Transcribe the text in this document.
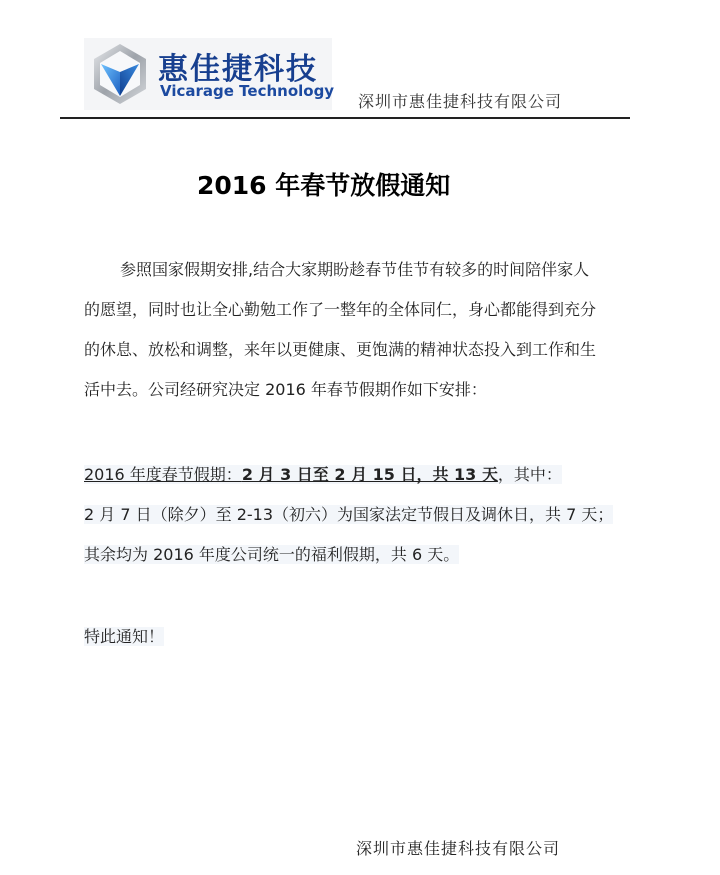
惠佳捷科技
Vicarage Technology
深圳市惠佳捷科技有限公司
2016 年春节放假通知
参照国家假期安排,结合大家期盼趁春节佳节有较多的时间陪伴家人
的愿望，同时也让全心勤勉工作了一整年的全体同仁，身心都能得到充分
的休息、放松和调整，来年以更健康、更饱满的精神状态投入到工作和生
活中去。公司经研究决定 2016 年春节假期作如下安排：
2016 年度春节假期：2 月 3 日至 2 月 15 日，共 13 天，其中：
2 月 7 日（除夕）至 2-13（初六）为国家法定节假日及调休日，共 7 天；
其余均为 2016 年度公司统一的福利假期，共 6 天。
特此通知！
深圳市惠佳捷科技有限公司
